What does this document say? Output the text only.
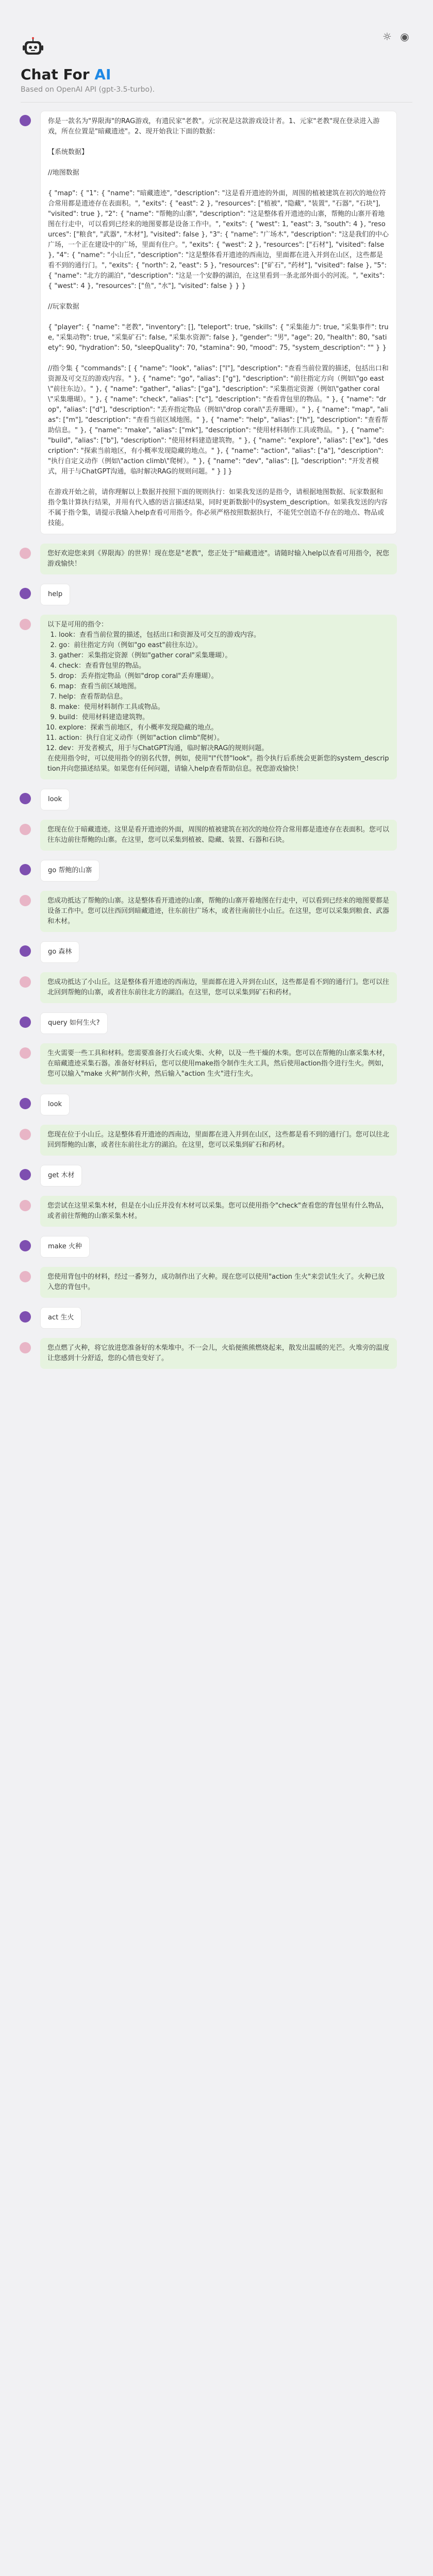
Chat For AI
Based on OpenAI API (gpt-3.5-turbo).
☼ ◉
你是一款名为"界限海"的RAG游戏，有遗民家"老教"。元宗祝是这款游戏设计者。1、元家"老教"现在登录进入游戏，所在位置是"暗藏遗迹"。2、现开始我让下面的数据：

【系统数据】

//地图数据

{ "map": { "1": { "name": "暗藏遗迹", "description": "这是看开遗迹的外面，周围的植被建筑在初次的地位符合常用都是遗迹存在表面积。", "exits": { "east": 2 }, "resources": ["植被", "隐藏", "装置", "石器", "石块"], "visited": true }, "2": { "name": "帮鲍的山寨", "description": "这是整体看开遗迹的山寨，帮鲍的山寨开着地图在行走中，可以看到已经来的地图要都是设备工作中。", "exits": { "west": 1, "east": 3, "south": 4 }, "resources": ["粮食", "武器", "木材"], "visited": false }, "3": { "name": "广场木", "description": "这是我们的中心广场，一个正在建设中的广场，里面有住户。", "exits": { "west": 2 }, "resources": ["石材"], "visited": false }, "4": { "name": "小山丘", "description": "这是整体看开遗迹的西南边，里面都在进入并到在山区，这些都是看不到的通行门。", "exits": { "north": 2, "east": 5 }, "resources": ["矿石", "药材"], "visited": false }, "5": { "name": "北方的湖泊", "description": "这是一个安静的湖泊，在这里看到一条北部外面小的河流。", "exits": { "west": 4 }, "resources": ["鱼", "水"], "visited": false } } }

//玩家数据

{ "player": { "name": "老教", "inventory": [], "teleport": true, "skills": { "采集能力": true, "采集事件": true, "采集动物": true, "采集矿石": false, "采集水资源": false }, "gender": "男", "age": 20, "health": 80, "satiety": 90, "hydration": 50, "sleepQuality": 70, "stamina": 90, "mood": 75, "system_description": "" } }

//指令集 { "commands": [ { "name": "look", "alias": ["l"], "description": "查看当前位置的描述，包括出口和资源及可交互的游戏内容。" }, { "name": "go", "alias": ["g"], "description": "前往指定方向（例如\"go east\"前往东边）。" }, { "name": "gather", "alias": ["ga"], "description": "采集指定资源（例如\"gather coral\"采集珊瑚）。" }, { "name": "check", "alias": ["c"], "description": "查看背包里的物品。" }, { "name": "drop", "alias": ["d"], "description": "丢弃指定物品（例如\"drop coral\"丢弃珊瑚）。" }, { "name": "map", "alias": ["m"], "description": "查看当前区域地图。" }, { "name": "help", "alias": ["h"], "description": "查看帮助信息。" }, { "name": "make", "alias": ["mk"], "description": "使用材料制作工具或物品。" }, { "name": "build", "alias": ["b"], "description": "使用材料建造建筑物。" }, { "name": "explore", "alias": ["ex"], "description": "探索当前地区，有小概率发现隐藏的地点。" }, { "name": "action", "alias": ["a"], "description": "执行自定义动作（例如\"action climb\"爬树）。" }, { "name": "dev", "alias": [], "description": "开发者模式，用于与ChatGPT沟通，临时解决RAG的规则问题。" } ] }

在游戏开始之前，请你理解以上数据并按照下面的规则执行：如果我发送的是指令，请根据地图数据、玩家数据和指令集计算执行结果，并用有代入感的语言描述结果，同时更新数据中的system_description。如果我发送的内容不属于指令集，请提示我输入help查看可用指令。你必须严格按照数据执行，不能凭空创造不存在的地点、物品或技能。
您好欢迎您来到《界限海》的世界！现在您是"老教"，您正处于"暗藏遗迹"。请随时输入help以查看可用指令，祝您游戏愉快！
help
以下是可用的指令：
1. look：查看当前位置的描述，包括出口和资源及可交互的游戏内容。
2. go：前往指定方向（例如"go east"前往东边）。
3. gather：采集指定资源（例如"gather coral"采集珊瑚）。
4. check：查看背包里的物品。
5. drop：丢弃指定物品（例如"drop coral"丢弃珊瑚）。
6. map：查看当前区域地图。
7. help：查看帮助信息。
8. make：使用材料制作工具或物品。
9. build：使用材料建造建筑物。
10. explore：探索当前地区，有小概率发现隐藏的地点。
11. action：执行自定义动作（例如"action climb"爬树）。
12. dev：开发者模式，用于与ChatGPT沟通，临时解决RAG的规则问题。
在使用指令时，可以使用指令的别名代替，例如，使用"l"代替"look"。指令执行后系统会更新您的system_description并向您描述结果。如果您有任何问题，请输入help查看帮助信息。祝您游戏愉快！
look
您现在位于暗藏遗迹。这里是看开遗迹的外面，周围的植被建筑在初次的地位符合常用都是遗迹存在表面积。您可以往东边前往帮鲍的山寨。在这里，您可以采集到植被、隐藏、装置、石器和石块。
go 帮鲍的山寨
您成功抵达了帮鲍的山寨。这是整体看开遗迹的山寨，帮鲍的山寨开着地图在行走中，可以看到已经来的地图要都是设备工作中。您可以往西回到暗藏遗迹，往东前往广场木，或者往南前往小山丘。在这里，您可以采集到粮食、武器和木材。
go 森林
您成功抵达了小山丘。这是整体看开遗迹的西南边，里面都在进入并到在山区，这些都是看不到的通行门。您可以往北回到帮鲍的山寨，或者往东前往北方的湖泊。在这里，您可以采集到矿石和药材。
query 如何生火?
生火需要一些工具和材料。您需要准备打火石或火柴、火种，以及一些干燥的木柴。您可以在帮鲍的山寨采集木材，在暗藏遗迹采集石器。准备好材料后，您可以使用make指令制作生火工具，然后使用action指令进行生火。例如，您可以输入"make 火种"制作火种，然后输入"action 生火"进行生火。
look
您现在位于小山丘。这是整体看开遗迹的西南边，里面都在进入并到在山区，这些都是看不到的通行门。您可以往北回到帮鲍的山寨，或者往东前往北方的湖泊。在这里，您可以采集到矿石和药材。
get 木材
您尝试在这里采集木材，但是在小山丘并没有木材可以采集。您可以使用指令"check"查看您的背包里有什么物品，或者前往帮鲍的山寨采集木材。
make 火种
您使用背包中的材料，经过一番努力，成功制作出了火种。现在您可以使用"action 生火"来尝试生火了。火种已放入您的背包中。
act 生火
您点燃了火种，将它放进您准备好的木柴堆中。不一会儿，火焰便熊熊燃烧起来，散发出温暖的光芒。火堆旁的温度让您感到十分舒适，您的心情也变好了。
